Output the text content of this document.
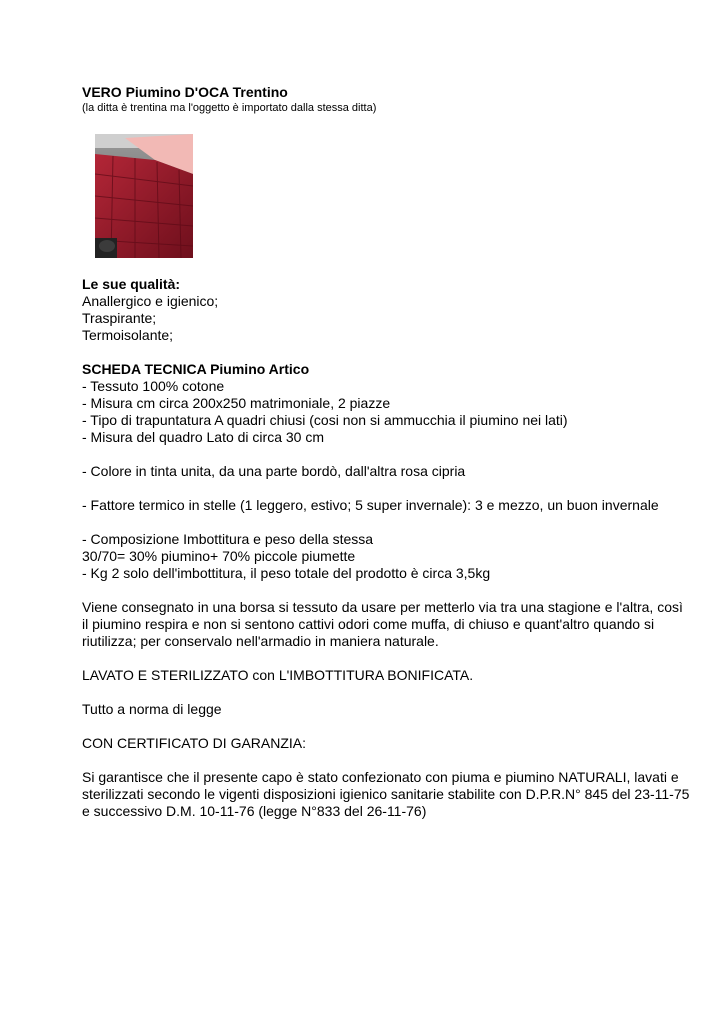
VERO Piumino D'OCA Trentino

(la ditta è trentina ma l'oggetto è importato dalla stessa ditta)

Le sue qualità:

Anallergico e igienico;

Traspirante;

Termoisolante;

SCHEDA TECNICA Piumino Artico

- Tessuto 100% cotone

- Misura cm circa 200x250 matrimoniale, 2 piazze

- Tipo di trapuntatura A quadri chiusi (cosi non si ammucchia il piumino nei lati)

- Misura del quadro Lato di circa 30 cm

- Colore in tinta unita, da una parte bordò, dall'altra rosa cipria

- Fattore termico in stelle (1 leggero, estivo; 5 super invernale): 3 e mezzo, un buon invernale

- Composizione Imbottitura e peso della stessa

30/70= 30% piumino+ 70% piccole piumette

- Kg 2 solo dell'imbottitura, il peso totale del prodotto è circa 3,5kg

Viene consegnato in una borsa si tessuto da usare per metterlo via tra una stagione e l'altra, così il piumino respira e non si sentono cattivi odori come muffa, di chiuso e quant'altro quando si riutilizza; per conservalo nell'armadio in maniera naturale.

LAVATO E STERILIZZATO con L'IMBOTTITURA BONIFICATA.

Tutto a norma di legge

CON CERTIFICATO DI GARANZIA:

Si garantisce che il presente capo è stato confezionato con piuma e piumino NATURALI, lavati e sterilizzati secondo le vigenti disposizioni igienico sanitarie stabilite con D.P.R.N° 845 del 23-11-75 e successivo D.M. 10-11-76 (legge N°833 del 26-11-76)
